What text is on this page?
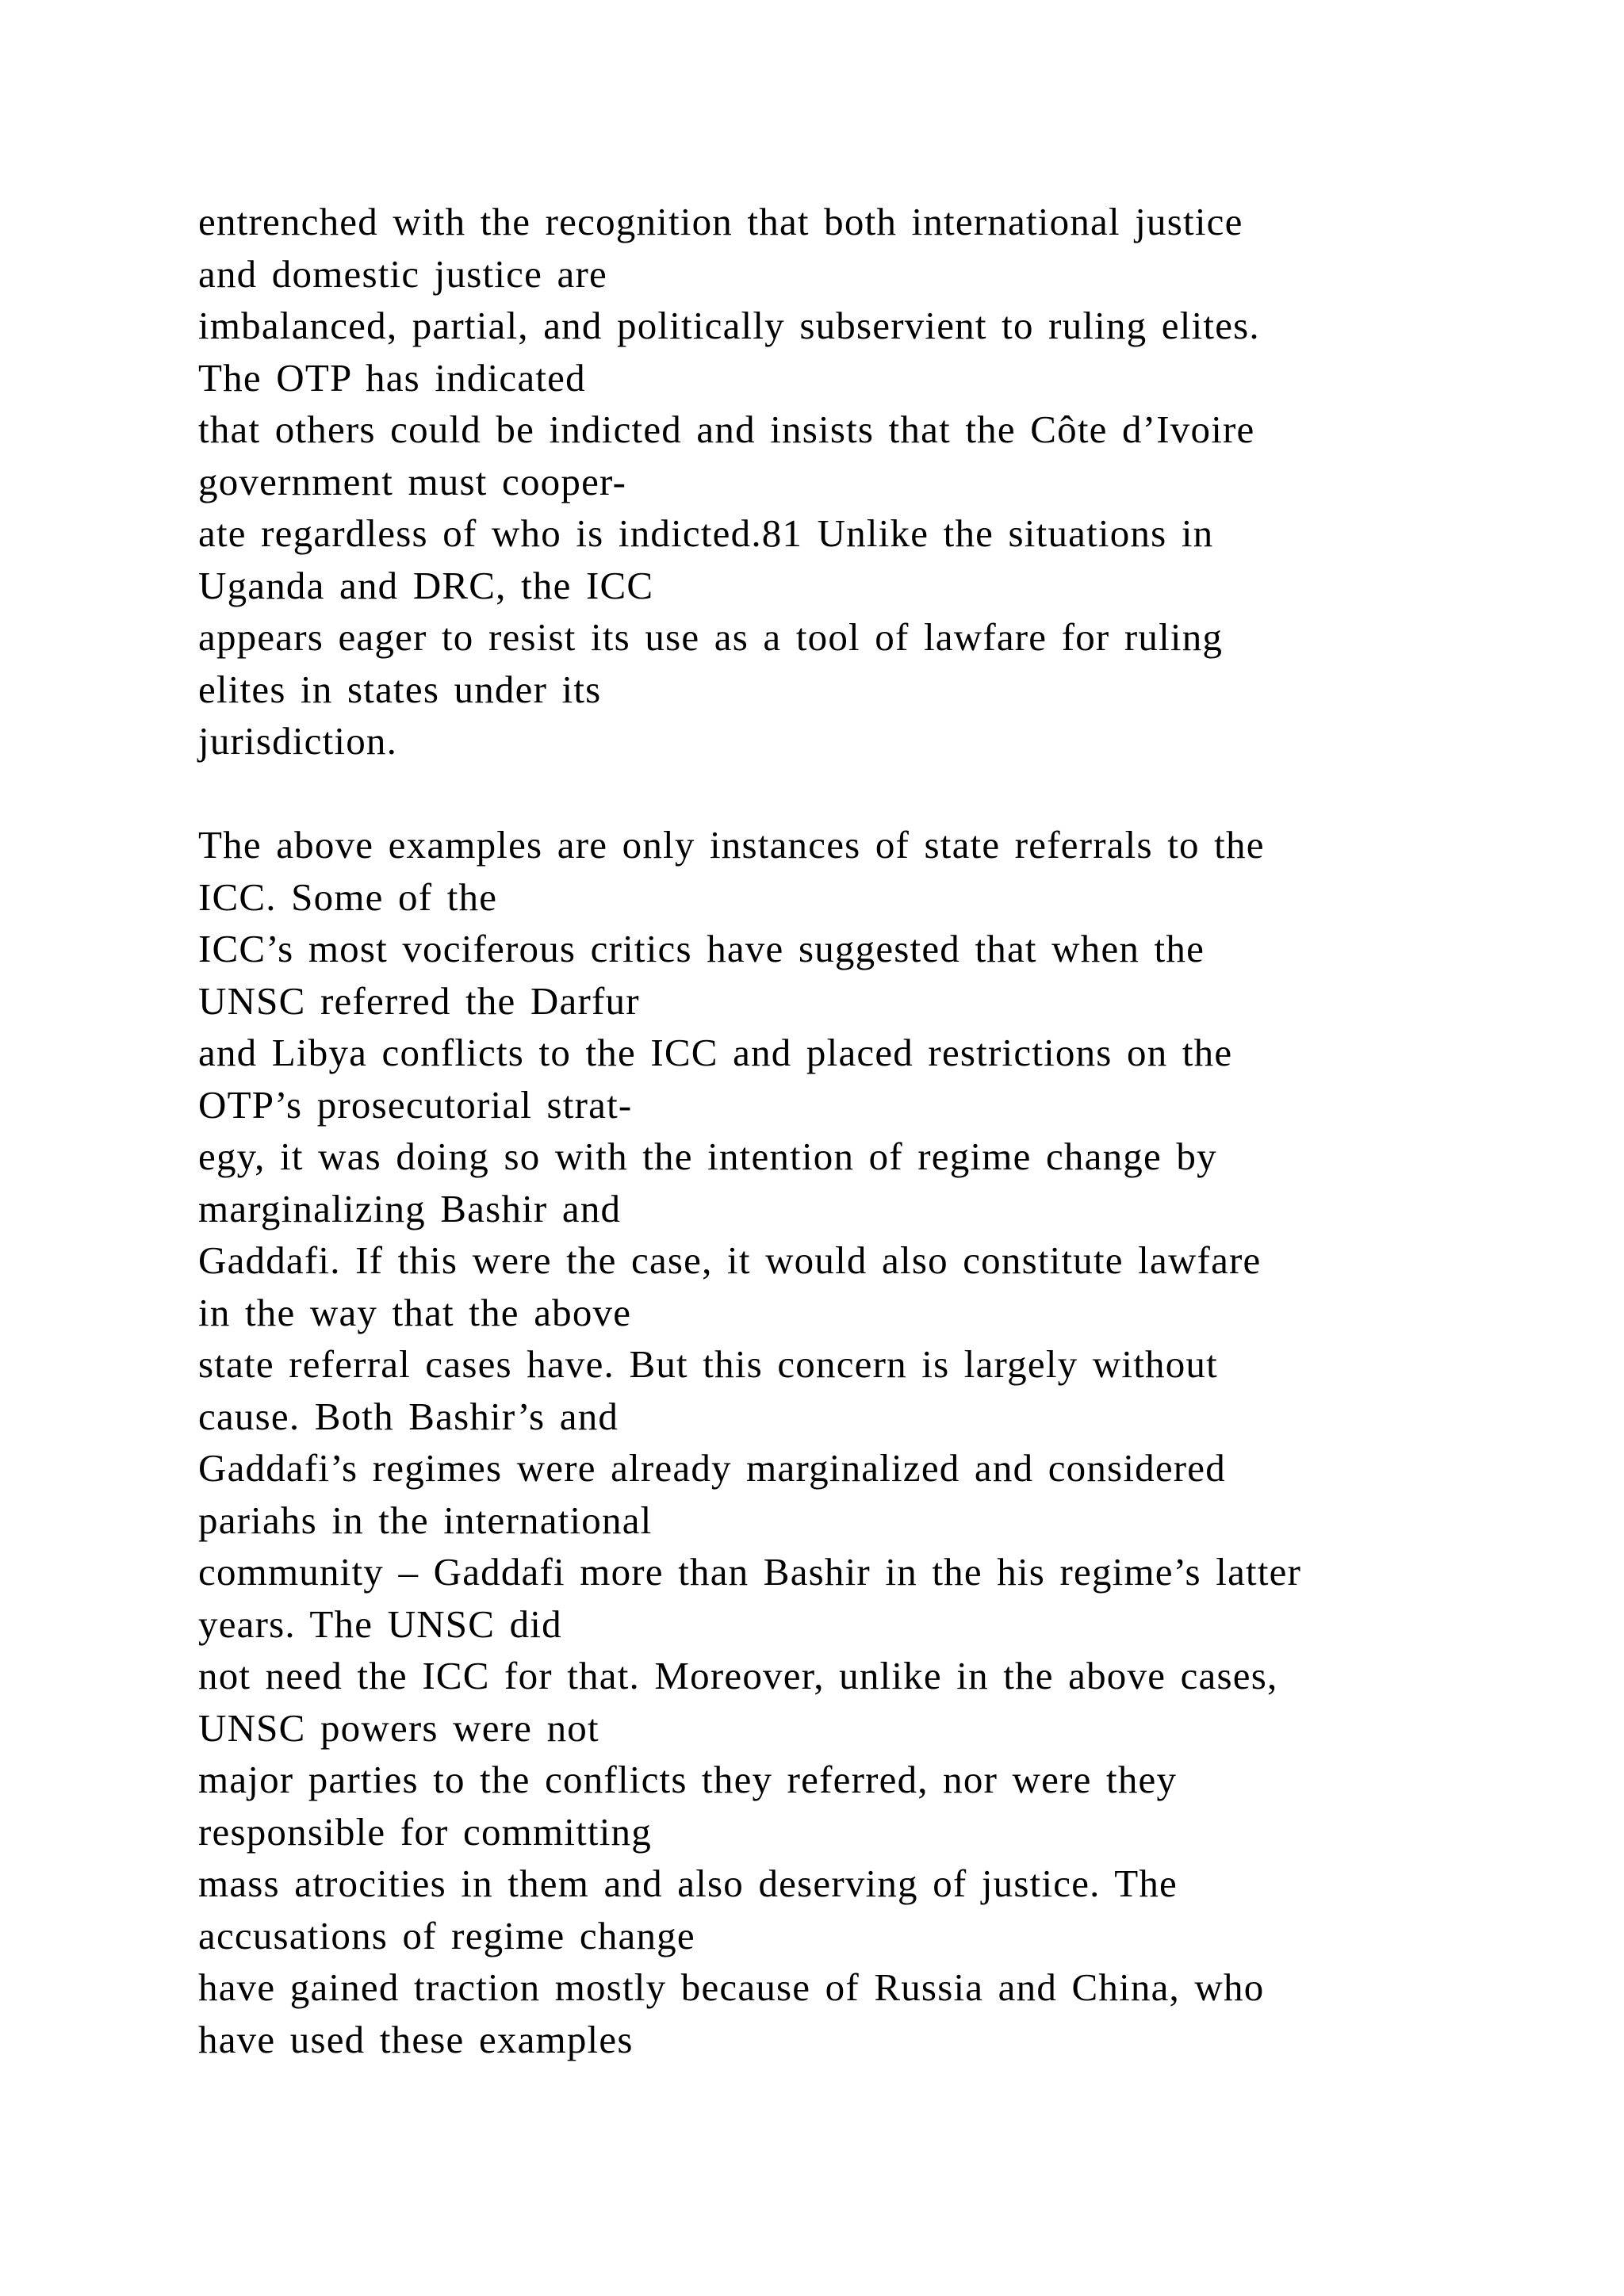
entrenched with the recognition that both international justice
and domestic justice are
imbalanced, partial, and politically subservient to ruling elites.
The OTP has indicated
that others could be indicted and insists that the Côte d’Ivoire
government must cooper-
ate regardless of who is indicted.81 Unlike the situations in
Uganda and DRC, the ICC
appears eager to resist its use as a tool of lawfare for ruling
elites in states under its
jurisdiction.

The above examples are only instances of state referrals to the
ICC. Some of the
ICC’s most vociferous critics have suggested that when the
UNSC referred the Darfur
and Libya conflicts to the ICC and placed restrictions on the
OTP’s prosecutorial strat-
egy, it was doing so with the intention of regime change by
marginalizing Bashir and
Gaddafi. If this were the case, it would also constitute lawfare
in the way that the above
state referral cases have. But this concern is largely without
cause. Both Bashir’s and
Gaddafi’s regimes were already marginalized and considered
pariahs in the international
community – Gaddafi more than Bashir in the his regime’s latter
years. The UNSC did
not need the ICC for that. Moreover, unlike in the above cases,
UNSC powers were not
major parties to the conflicts they referred, nor were they
responsible for committing
mass atrocities in them and also deserving of justice. The
accusations of regime change
have gained traction mostly because of Russia and China, who
have used these examples
